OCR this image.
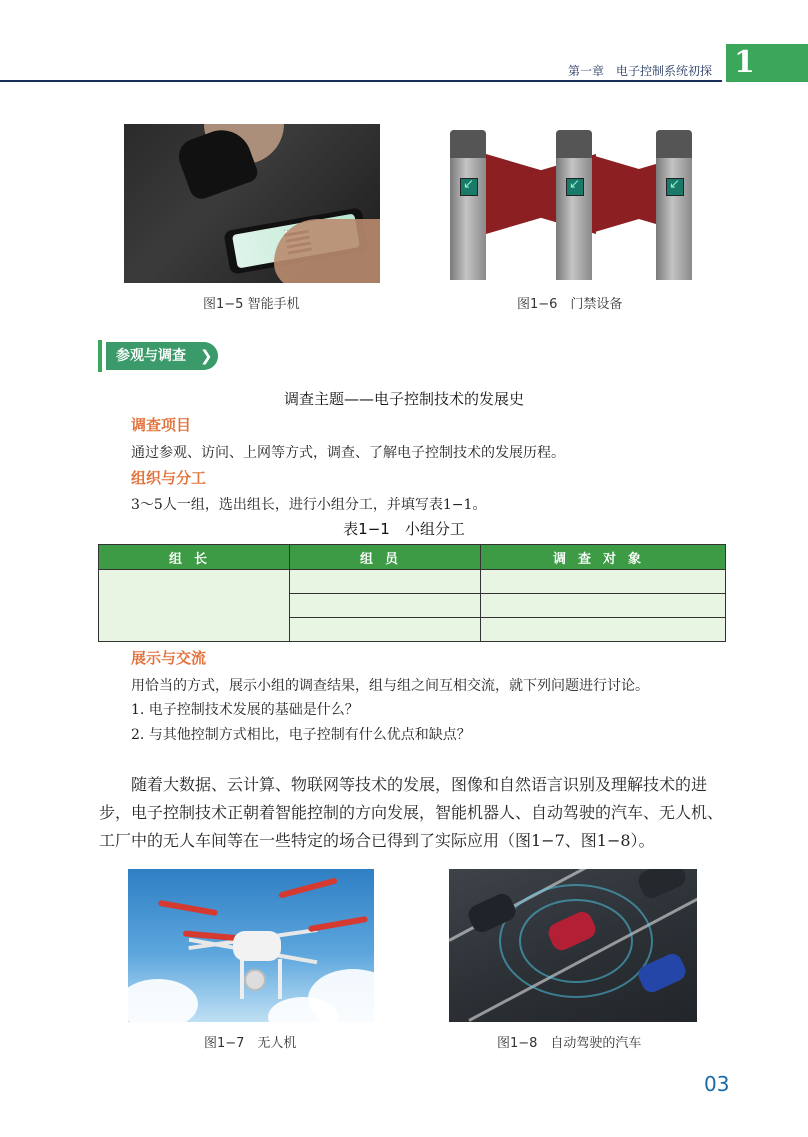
第一章　电子控制系统初探 1
图1−5 智能手机
↙
↙
↙	图1−6　门禁设备
参观与调查 ❯
调查主题——电子控制技术的发展史
调查项目
通过参观、访问、上网等方式，调查、了解电子控制技术的发展历程。
组织与分工
3～5人一组，选出组长，进行小组分工，并填写表1−1。
表1−1　小组分工
组长	组员	调查对象

展示与交流
用恰当的方式，展示小组的调查结果，组与组之间互相交流，就下列问题进行讨论。
1. 电子控制技术发展的基础是什么？
2. 与其他控制方式相比，电子控制有什么优点和缺点？
随着大数据、云计算、物联网等技术的发展，图像和自然语言识别及理解技术的进
步，电子控制技术正朝着智能控制的方向发展，智能机器人、自动驾驶的汽车、无人机、
工厂中的无人车间等在一些特定的场合已得到了实际应用（图1−7、图1−8）。
图1−7　无人机	图1−8　自动驾驶的汽车
03
